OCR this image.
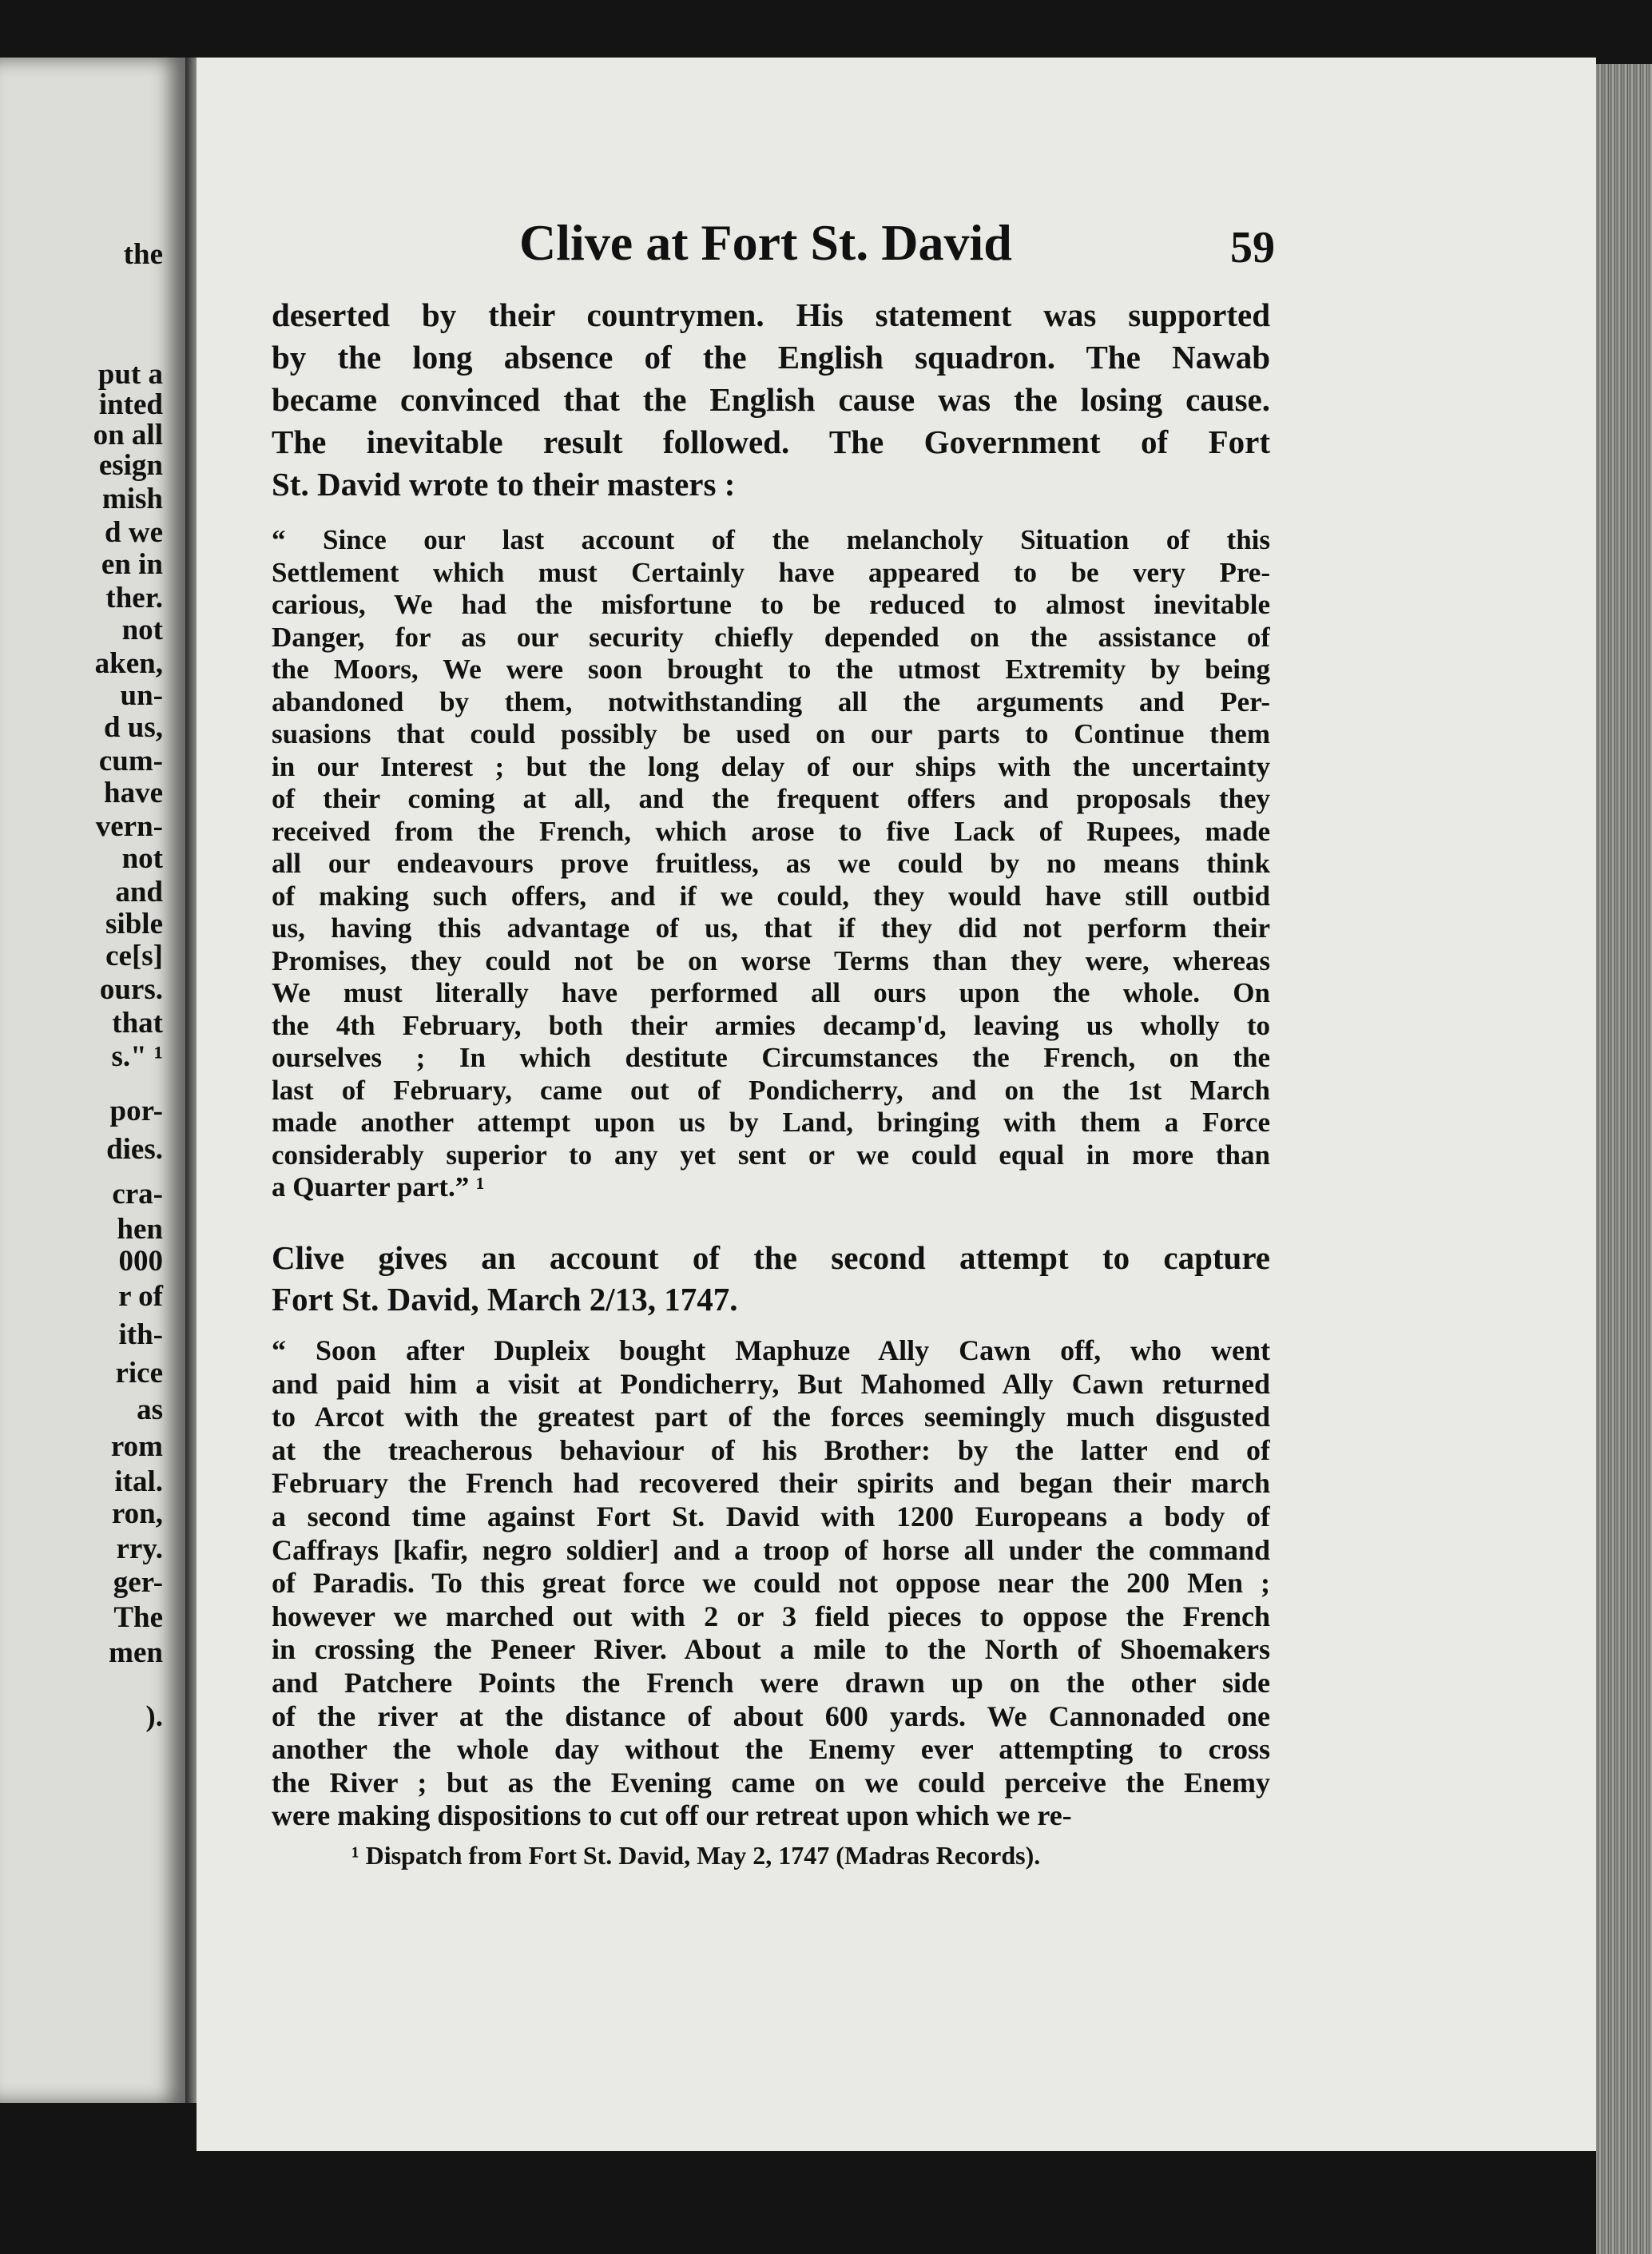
the
put a
inted
on all
esign
mish
d we
en in
ther.
not
aken,
un-
d us,
cum-
have
vern-
not
and
sible
ce[s]
ours.
that
s." ¹
por-
dies.
cra-
hen
000
r of
ith-
rice
as
rom
ital.
ron,
rry.
ger-
The
men
).
Clive at Fort St. David	59
deserted by their countrymen. His statement was supported
by the long absence of the English squadron. The Nawab
became convinced that the English cause was the losing cause.
The inevitable result followed. The Government of Fort
St. David wrote to their masters :
“ Since our last account of the melancholy Situation of this
Settlement which must Certainly have appeared to be very Pre-
carious, We had the misfortune to be reduced to almost inevitable
Danger, for as our security chiefly depended on the assistance of
the Moors, We were soon brought to the utmost Extremity by being
abandoned by them, notwithstanding all the arguments and Per-
suasions that could possibly be used on our parts to Continue them
in our Interest ; but the long delay of our ships with the uncertainty
of their coming at all, and the frequent offers and proposals they
received from the French, which arose to five Lack of Rupees, made
all our endeavours prove fruitless, as we could by no means think
of making such offers, and if we could, they would have still outbid
us, having this advantage of us, that if they did not perform their
Promises, they could not be on worse Terms than they were, whereas
We must literally have performed all ours upon the whole. On
the 4th February, both their armies decamp'd, leaving us wholly to
ourselves ; In which destitute Circumstances the French, on the
last of February, came out of Pondicherry, and on the 1st March
made another attempt upon us by Land, bringing with them a Force
considerably superior to any yet sent or we could equal in more than
a Quarter part.” ¹
Clive gives an account of the second attempt to capture
Fort St. David, March 2/13, 1747.
“ Soon after Dupleix bought Maphuze Ally Cawn off, who went
and paid him a visit at Pondicherry, But Mahomed Ally Cawn returned
to Arcot with the greatest part of the forces seemingly much disgusted
at the treacherous behaviour of his Brother: by the latter end of
February the French had recovered their spirits and began their march
a second time against Fort St. David with 1200 Europeans a body of
Caffrays [kafir, negro soldier] and a troop of horse all under the command
of Paradis. To this great force we could not oppose near the 200 Men ;
however we marched out with 2 or 3 field pieces to oppose the French
in crossing the Peneer River. About a mile to the North of Shoemakers
and Patchere Points the French were drawn up on the other side
of the river at the distance of about 600 yards. We Cannonaded one
another the whole day without the Enemy ever attempting to cross
the River ; but as the Evening came on we could perceive the Enemy
were making dispositions to cut off our retreat upon which we re-
¹ Dispatch from Fort St. David, May 2, 1747 (Madras Records).
